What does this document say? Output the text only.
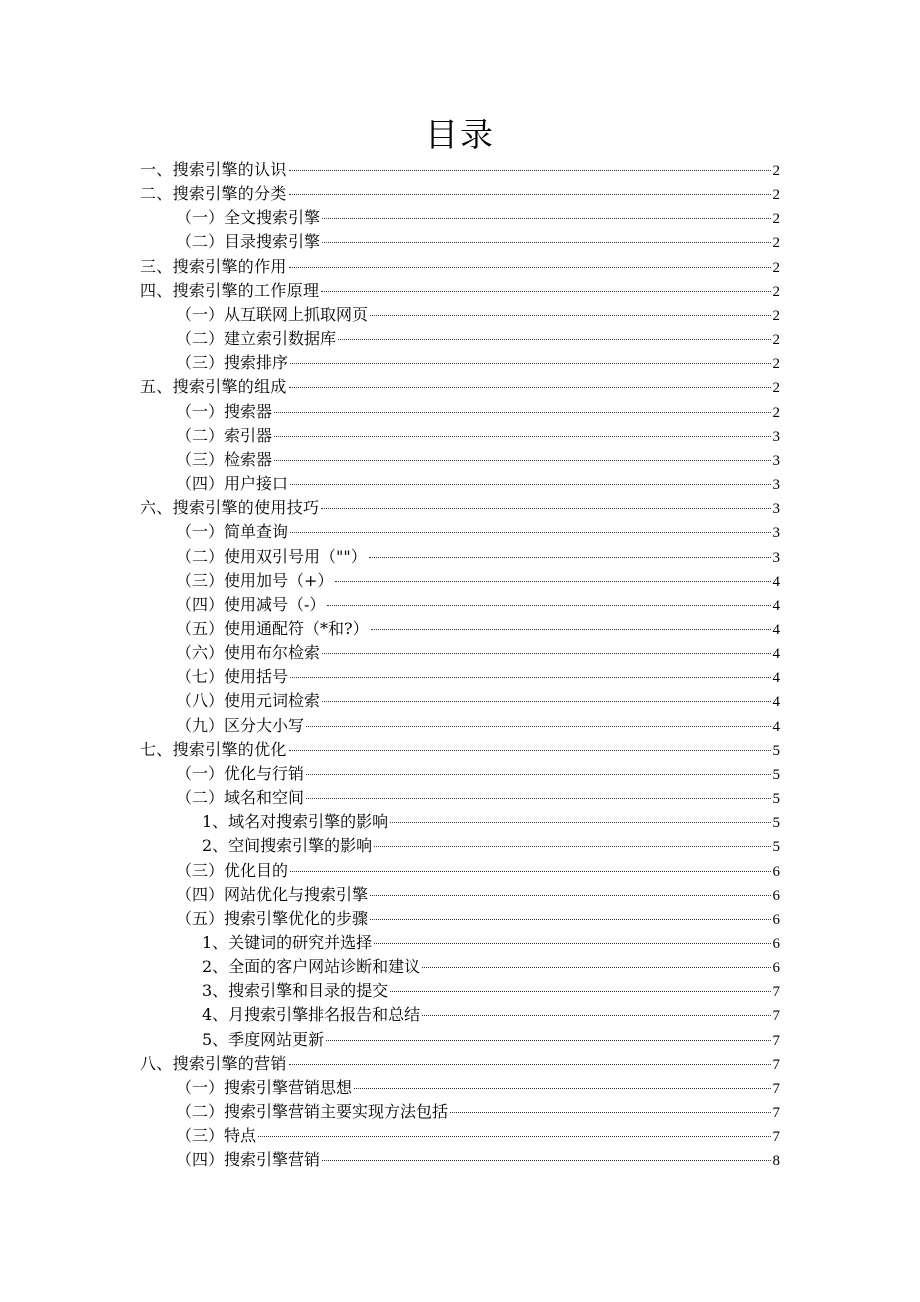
目录
一、搜索引擎的认识	2
二、搜索引擎的分类	2
（一）全文搜索引擎	2
（二）目录搜索引擎	2
三、搜索引擎的作用	2
四、搜索引擎的工作原理	2
（一）从互联网上抓取网页	2
（二）建立索引数据库	2
（三）搜索排序	2
五、搜索引擎的组成	2
（一）搜索器	2
（二）索引器	3
（三）检索器	3
（四）用户接口	3
六、搜索引擎的使用技巧	3
（一）简单查询	3
（二）使用双引号用（""）	3
（三）使用加号（+）	4
（四）使用减号（-）	4
（五）使用通配符（*和?）	4
（六）使用布尔检索	4
（七）使用括号	4
（八）使用元词检索	4
（九）区分大小写	4
七、搜索引擎的优化	5
（一）优化与行销	5
（二）域名和空间	5
1、域名对搜索引擎的影响	5
2、空间搜索引擎的影响	5
（三）优化目的	6
（四）网站优化与搜索引擎	6
（五）搜索引擎优化的步骤	6
1、关键词的研究并选择	6
2、全面的客户网站诊断和建议	6
3、搜索引擎和目录的提交	7
4、月搜索引擎排名报告和总结	7
5、季度网站更新	7
八、搜索引擎的营销	7
（一）搜索引擎营销思想	7
（二）搜索引擎营销主要实现方法包括	7
（三）特点	7
（四）搜索引擎营销	8
